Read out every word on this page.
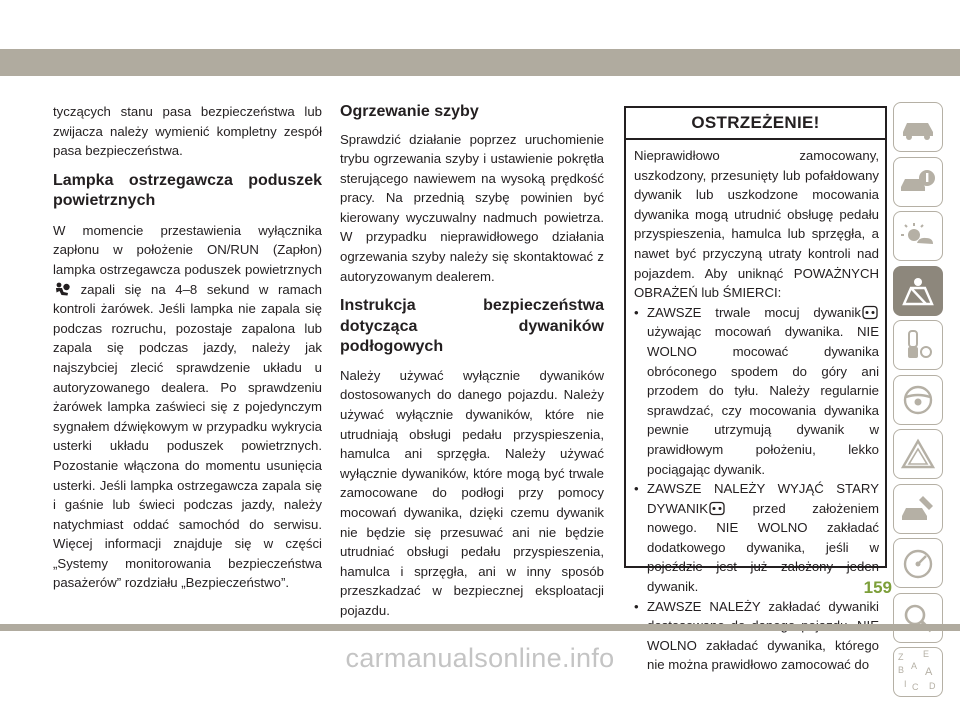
tyczących stanu pasa bezpieczeństwa lub zwijacza należy wymienić kompletny zespół pasa bezpieczeństwa.

Lampka ostrzegawcza poduszek powietrznych

W momencie przestawienia wyłącznika zapłonu w położenie ON/RUN (Zapłon) lampka ostrzegawcza poduszek powietrznych zapali się na 4–8 sekund w ramach kontroli żarówek. Jeśli lampka nie zapala się podczas rozruchu, pozostaje zapalona lub zapala się podczas jazdy, należy jak najszybciej zlecić sprawdzenie układu u autoryzowanego dealera. Po sprawdzeniu żarówek lampka zaświeci się z pojedynczym sygnałem dźwiękowym w przypadku wykrycia usterki układu poduszek powietrznych. Pozostanie włączona do momentu usunięcia usterki. Jeśli lampka ostrzegawcza zapala się i gaśnie lub świeci podczas jazdy, należy natychmiast oddać samochód do serwisu. Więcej informacji znajduje się w części „Systemy monitorowania bezpieczeństwa pasażerów” rozdziału „Bezpieczeństwo”.

Ogrzewanie szyby

Sprawdzić działanie poprzez uruchomienie trybu ogrzewania szyby i ustawienie pokrętła sterującego nawiewem na wysoką prędkość pracy. Na przednią szybę powinien być kierowany wyczuwalny nadmuch powietrza. W przypadku nieprawidłowego działania ogrzewania szyby należy się skontaktować z autoryzowanym dealerem.

Instrukcja bezpieczeństwa dotycząca dywaników podłogowych

Należy używać wyłącznie dywaników dostosowanych do danego pojazdu. Należy używać wyłącznie dywaników, które nie utrudniają obsługi pedału przyspieszenia, hamulca ani sprzęgła. Należy używać wyłącznie dywaników, które mogą być trwale zamocowane do podłogi przy pomocy mocowań dywanika, dzięki czemu dywanik nie będzie się przesuwać ani nie będzie utrudniać obsługi pedału przyspieszenia, hamulca i sprzęgła, ani w inny sposób przeszkadzać w bezpiecznej eksploatacji pojazdu.

OSTRZEŻENIE!

Nieprawidłowo zamocowany, uszkodzony, przesunięty lub pofałdowany dywanik lub uszkodzone mocowania dywanika mogą utrudnić obsługę pedału przyspieszenia, hamulca lub sprzęgła, a nawet być przyczyną utraty kontroli nad pojazdem. Aby uniknąć POWAŻNYCH OBRAŻEŃ lub ŚMIERCI:

• ZAWSZE trwale mocuj dywanik używając mocowań dywanika. NIE WOLNO mocować dywanika obróconego spodem do góry ani przodem do tyłu. Należy regularnie sprawdzać, czy mocowania dywanika pewnie utrzymują dywanik w prawidłowym położeniu, lekko pociągając dywanik.
• ZAWSZE NALEŻY WYJĄĆ STARY DYWANIK przed założeniem nowego. NIE WOLNO zakładać dodatkowego dywanika, jeśli w pojeździe jest już założony jeden dywanik.
• ZAWSZE NALEŻY zakładać dywaniki WOLNO zakładać dywanika, którego nie można prawidłowo zamocować do
Z E
B A
I C D
A
159
carmanualsonline.info
